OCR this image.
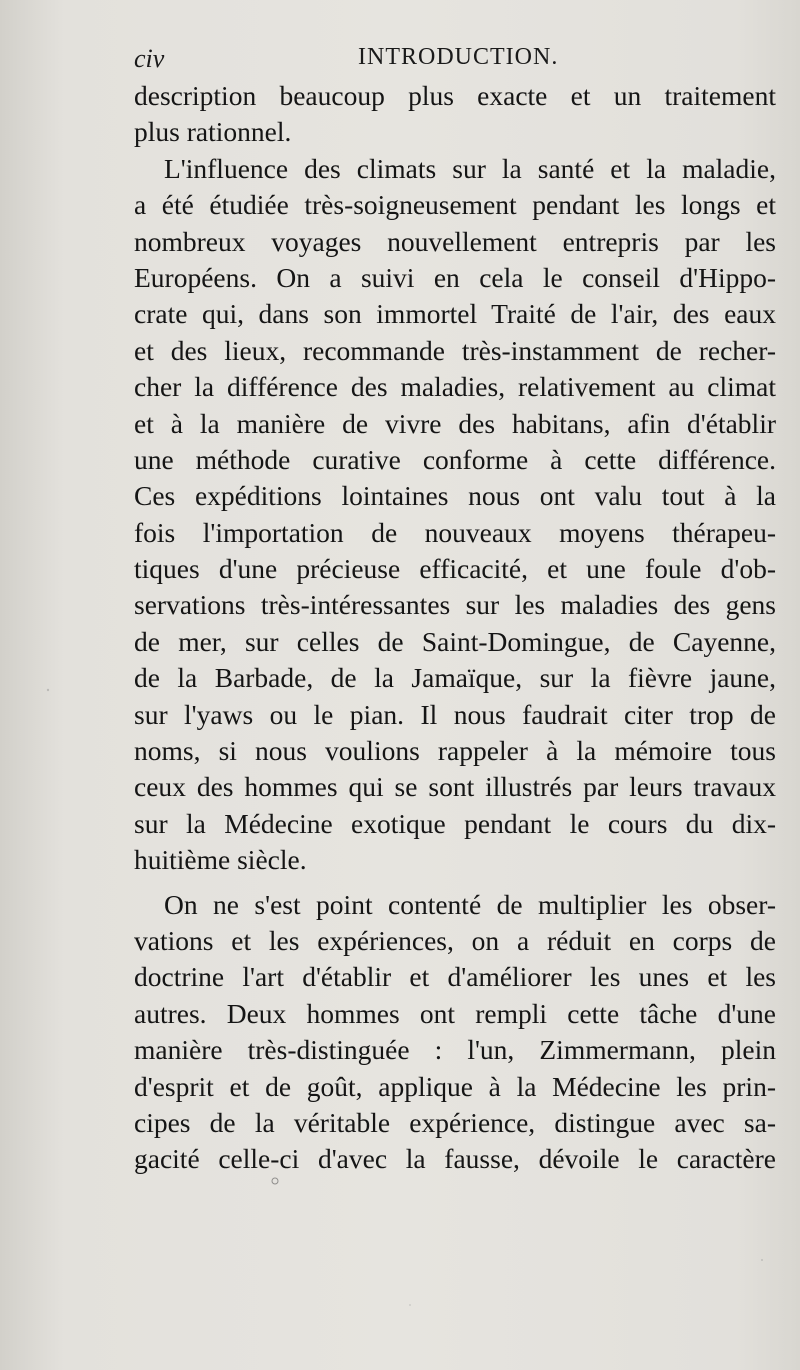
civ	INTRODUCTION.
description beaucoup plus exacte et un traitement
plus rationnel.
L'influence des climats sur la santé et la maladie,
a été étudiée très-soigneusement pendant les longs et
nombreux voyages nouvellement entrepris par les
Européens. On a suivi en cela le conseil d'Hippo-
crate qui, dans son immortel Traité de l'air, des eaux
et des lieux, recommande très-instamment de recher-
cher la différence des maladies, relativement au climat
et à la manière de vivre des habitans, afin d'établir
une méthode curative conforme à cette différence.
Ces expéditions lointaines nous ont valu tout à la
fois l'importation de nouveaux moyens thérapeu-
tiques d'une précieuse efficacité, et une foule d'ob-
servations très-intéressantes sur les maladies des gens
de mer, sur celles de Saint-Domingue, de Cayenne,
de la Barbade, de la Jamaïque, sur la fièvre jaune,
sur l'yaws ou le pian. Il nous faudrait citer trop de
noms, si nous voulions rappeler à la mémoire tous
ceux des hommes qui se sont illustrés par leurs travaux
sur la Médecine exotique pendant le cours du dix-
huitième siècle.
On ne s'est point contenté de multiplier les obser-
vations et les expériences, on a réduit en corps de
doctrine l'art d'établir et d'améliorer les unes et les
autres. Deux hommes ont rempli cette tâche d'une
manière très-distinguée : l'un, Zimmermann, plein
d'esprit et de goût, applique à la Médecine les prin-
cipes de la véritable expérience, distingue avec sa-
gacité celle-ci d'avec la fausse, dévoile le caractère
